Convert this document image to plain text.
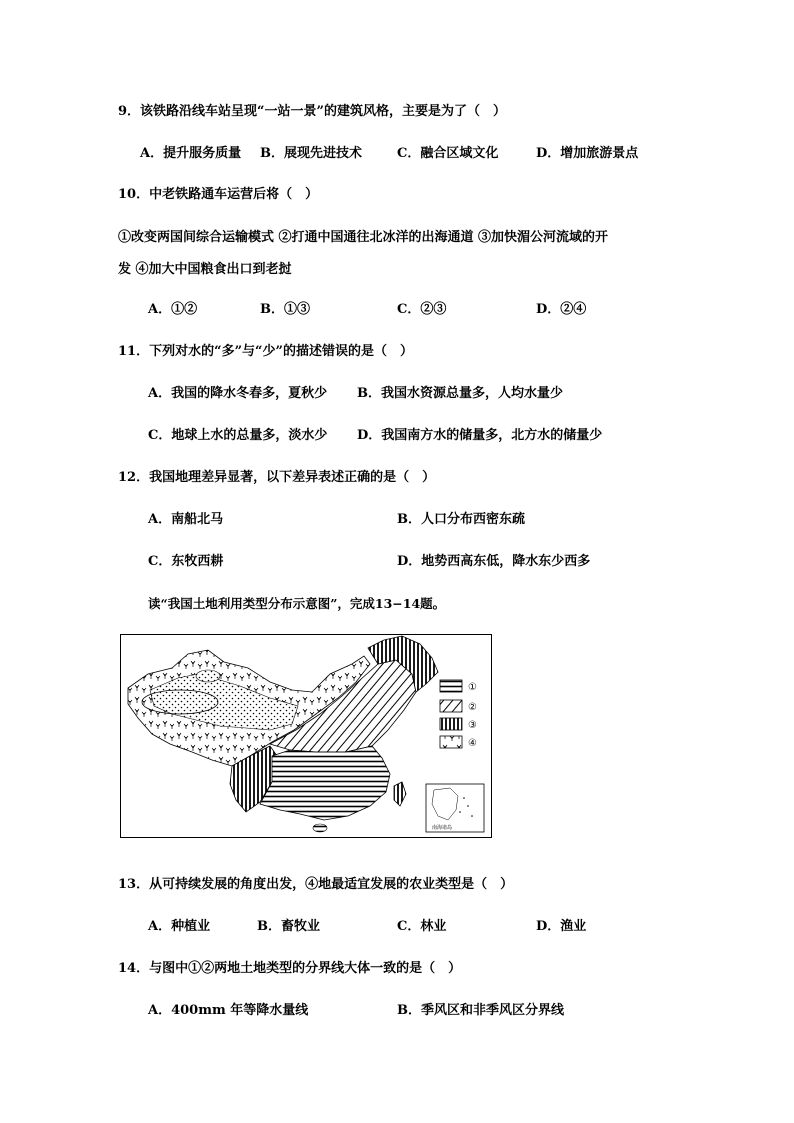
9．该铁路沿线车站呈现“一站一景”的建筑风格，主要是为了（　）
A．提升服务质量 B．展现先进技术	C．融合区域文化	D．增加旅游景点
10．中老铁路通车运营后将（　）
①改变两国间综合运输模式 ②打通中国通往北冰洋的出海通道 ③加快湄公河流域的开
发 ④加大中国粮食出口到老挝
A．①②	B．①③	C．②③	D．②④
11．下列对水的“多”与“少”的描述错误的是（　）
A．我国的降水冬春多，夏秋少 B．我国水资源总量多，人均水量少
C．地球上水的总量多，淡水少 D．我国南方水的储量多，北方水的储量少
12．我国地理差异显著，以下差异表述正确的是（　）
A．南船北马	B．人口分布西密东疏
C．东牧西耕	D．地势西高东低，降水东少西多
读“我国土地利用类型分布示意图”，完成13−14题。
①
②
③
④
南海诸岛
13．从可持续发展的角度出发，④地最适宜发展的农业类型是（　）
A．种植业	B．畜牧业	C．林业	D．渔业
14．与图中①②两地土地类型的分界线大体一致的是（　）
A．400mm 年等降水量线	B．季风区和非季风区分界线
